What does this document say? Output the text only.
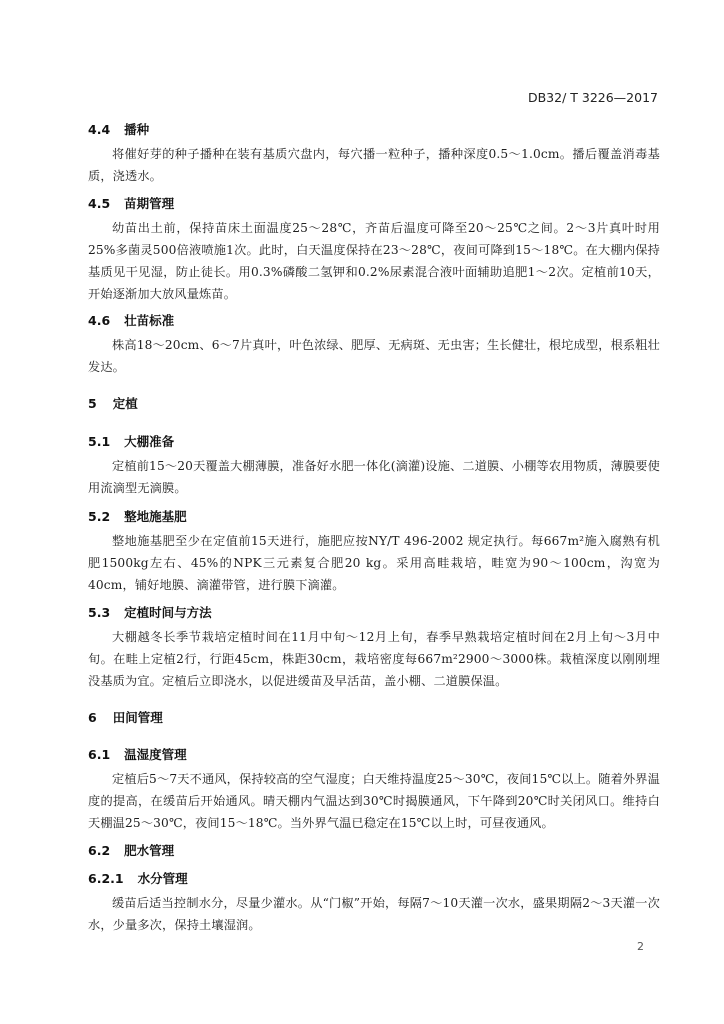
DB32/ T 3226—2017
4.4 播种
将催好芽的种子播种在装有基质穴盘内，每穴播一粒种子，播种深度0.5～1.0cm。播后覆盖消毒基质，浇透水。
4.5 苗期管理
幼苗出土前，保持苗床土面温度25～28℃，齐苗后温度可降至20～25℃之间。2～3片真叶时用25%多菌灵500倍液喷施1次。此时，白天温度保持在23～28℃，夜间可降到15～18℃。在大棚内保持基质见干见湿，防止徒长。用0.3%磷酸二氢钾和0.2%尿素混合液叶面辅助追肥1～2次。定植前10天，开始逐渐加大放风量炼苗。
4.6 壮苗标准
株高18～20cm、6～7片真叶，叶色浓绿、肥厚、无病斑、无虫害；生长健壮，根坨成型，根系粗壮发达。
5 定植
5.1 大棚准备
定植前15～20天覆盖大棚薄膜，准备好水肥一体化(滴灌)设施、二道膜、小棚等农用物质，薄膜要使用流滴型无滴膜。
5.2 整地施基肥
整地施基肥至少在定值前15天进行，施肥应按NY/T 496-2002 规定执行。每667m²施入腐熟有机肥1500kg左右、45%的NPK三元素复合肥20 kg。采用高畦栽培，畦宽为90～100cm，沟宽为40cm，铺好地膜、滴灌带管，进行膜下滴灌。
5.3 定植时间与方法
大棚越冬长季节栽培定植时间在11月中旬～12月上旬，春季早熟栽培定植时间在2月上旬～3月中旬。在畦上定植2行，行距45cm，株距30cm，栽培密度每667m²2900～3000株。栽植深度以刚刚埋没基质为宜。定植后立即浇水，以促进缓苗及早活苗，盖小棚、二道膜保温。
6 田间管理
6.1 温湿度管理
定植后5～7天不通风，保持较高的空气湿度；白天维持温度25～30℃，夜间15℃以上。随着外界温度的提高，在缓苗后开始通风。晴天棚内气温达到30℃时揭膜通风，下午降到20℃时关闭风口。维持白天棚温25～30℃，夜间15～18℃。当外界气温已稳定在15℃以上时，可昼夜通风。
6.2 肥水管理
6.2.1 水分管理
缓苗后适当控制水分，尽量少灌水。从“门椒”开始，每隔7～10天灌一次水，盛果期隔2～3天灌一次水，少量多次，保持土壤湿润。
2
